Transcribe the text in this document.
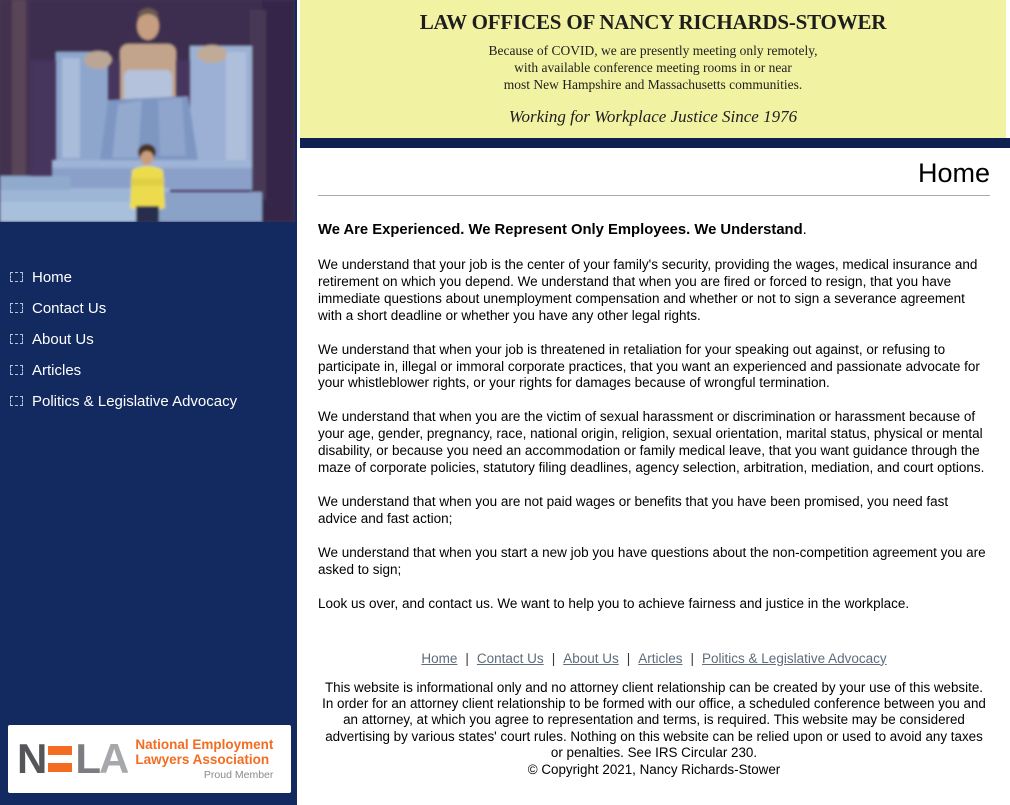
Home
Contact Us
About Us
Articles
Politics & Legislative Advocacy
N L A National Employment
Lawyers Association
Proud Member
LAW OFFICES OF NANCY RICHARDS-STOWER
Because of COVID, we are presently meeting only remotely,
with available conference meeting rooms in or near
most New Hampshire and Massachusetts communities.
Working for Workplace Justice Since 1976
Home
We Are Experienced. We Represent Only Employees. We Understand.

We understand that your job is the center of your family's security, providing the wages, medical insurance and retirement on which you depend. We understand that when you are fired or forced to resign, that you have immediate questions about unemployment compensation and whether or not to sign a severance agreement with a short deadline or whether you have any other legal rights.

We understand that when your job is threatened in retaliation for your speaking out against, or refusing to participate in, illegal or immoral corporate practices, that you want an experienced and passionate advocate for your whistleblower rights, or your rights for damages because of wrongful termination.

We understand that when you are the victim of sexual harassment or discrimination or harassment because of your age, gender, pregnancy, race, national origin, religion, sexual orientation, marital status, physical or mental disability, or because you need an accommodation or family medical leave, that you want guidance through the maze of corporate policies, statutory filing deadlines, agency selection, arbitration, mediation, and court options.

We understand that when you are not paid wages or benefits that you have been promised, you need fast advice and fast action;

We understand that when you start a new job you have questions about the non-competition agreement you are asked to sign;

Look us over, and contact us. We want to help you to achieve fairness and justice in the workplace.

Home | Contact Us | About Us | Articles | Politics & Legislative Advocacy
This website is informational only and no attorney client relationship can be created by your use of this website. In order for an attorney client relationship to be formed with our office, a scheduled conference between you and an attorney, at which you agree to representation and terms, is required. This website may be considered advertising by various states' court rules. Nothing on this website can be relied upon or used to avoid any taxes or penalties. See IRS Circular 230.
© Copyright 2021, Nancy Richards-Stower
